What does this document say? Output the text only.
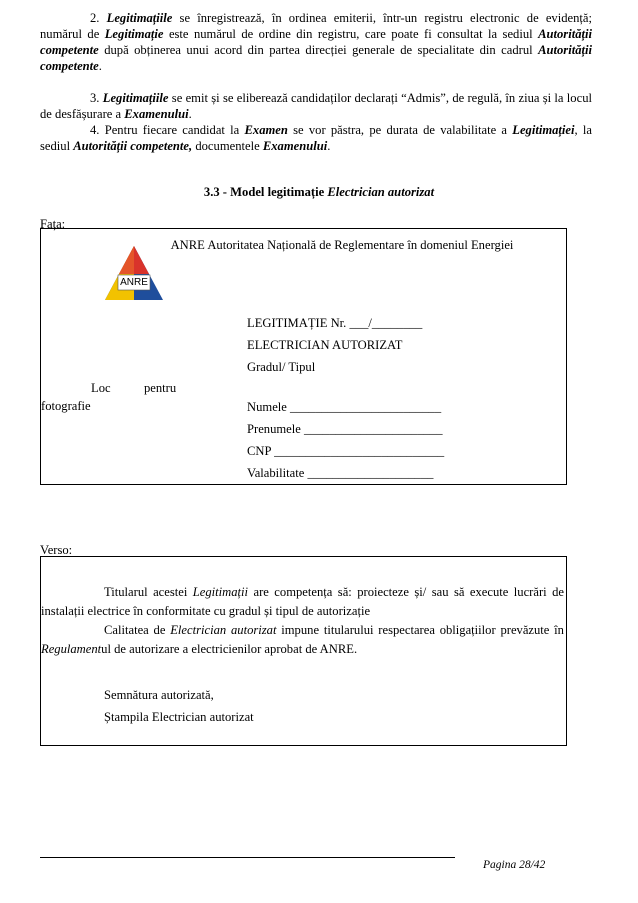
2. Legitimațiile se înregistrează, în ordinea emiterii, într-un registru electronic de evidență; numărul de Legitimație este numărul de ordine din registru, care poate fi consultat la sediul Autorității competente după obținerea unui acord din partea direcției generale de specialitate din cadrul Autorității competente.
3. Legitimațiile se emit și se eliberează candidaților declarați “Admis”, de regulă, în ziua și la locul de desfășurare a Examenului.
4. Pentru fiecare candidat la Examen se vor păstra, pe durata de valabilitate a Legitimației, la sediul Autorității competente, documentele Examenului.
3.3 - Model legitimație Electrician autorizat
Fața:
ANRE Autoritatea Națională de Reglementare în domeniul Energiei
ANRE
Loc	pentru
fotografie
LEGITIMAȚIE Nr. ___/________
ELECTRICIAN AUTORIZAT
Gradul/ Tipul
Numele ________________________
Prenumele ______________________
CNP ___________________________
Valabilitate ____________________
Verso:
Titularul acestei Legitimații are competența să: proiecteze și/ sau să execute lucrări de instalații electrice în conformitate cu gradul și tipul de autorizație
Calitatea de Electrician autorizat impune titularului respectarea obligațiilor prevăzute în Regulamentul de autorizare a electricienilor aprobat de ANRE.
Semnătura autorizată,
Ștampila Electrician autorizat
Pagina 28/42
